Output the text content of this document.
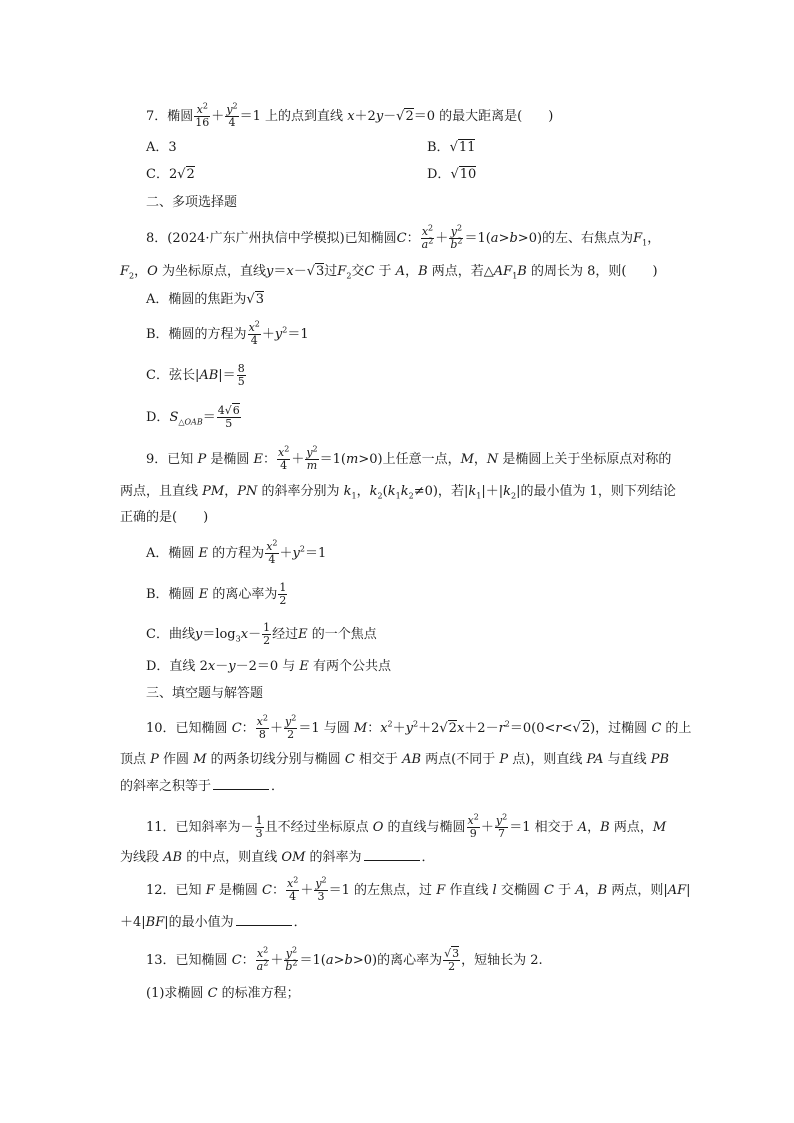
7．椭圆 $\frac{x^2}{16} + \frac{y^2}{4} =1$ 上的点到直线 x＋2y－√2＝0 的最大距离是(　　)
A．3	B．√11
C．2√2	D．√10
二、多项选择题
8．(2024·广东广州执信中学模拟)已知椭圆C： $\frac{x^2}{a^2} + \frac{y^2}{b^2} =1(a>b>0)$的左、右焦点为$F_1$，
$F_2$，O 为坐标原点，直线y＝x－√3过$F_2$交C 于 A，B 两点，若$\triangle AF_1B$ 的周长为 8，则(　　)
A．椭圆的焦距为√3
B．椭圆的方程为 $\frac{x^2}{4} +y^2=1$
C．弦长$|AB|= \frac{8}{5}$
D．$S_{\triangle OAB}= \frac{4√6}{5}$
9．已知 P 是椭圆 E： $\frac{x^2}{4} + \frac{y^2}{m} =1(m>0)$上任意一点，M，N 是椭圆上关于坐标原点对称的
两点，且直线 PM，PN 的斜率分别为 $k_1$，$k_2(k_1k_2\ne 0)$，若$|k_1|+|k_2|$的最小值为 1，则下列结论
正确的是(　　)
A．椭圆 E 的方程为 $\frac{x^2}{4} +y^2=1$
B．椭圆 E 的离心率为 $\frac{1}{2}$
C．曲线$y=\log_3x- \frac{1}{2}$ 经过E 的一个焦点
D．直线 2x－y－2＝0 与 E 有两个公共点
三、填空题与解答题
10．已知椭圆 C： $\frac{x^2}{8} + \frac{y^2}{2} =1$ 与圆 M：$x^2+y^2+2√2x+2-r^2=0(0<r<√2)$，过椭圆 C 的上
顶点 P 作圆 M 的两条切线分别与椭圆 C 相交于 AB 两点(不同于 P 点)，则直线 PA 与直线 PB
的斜率之积等于	．
11．已知斜率为－ $\frac{1}{3}$ 且不经过坐标原点 O 的直线与椭圆 $\frac{x^2}{9} + \frac{y^2}{7} =1$ 相交于 A，B 两点，M
为线段 AB 的中点，则直线 OM 的斜率为	．
12．已知 F 是椭圆 C： $\frac{x^2}{4} + \frac{y^2}{3} =1$ 的左焦点，过 F 作直线 l 交椭圆 C 于 A，B 两点，则|AF|
＋4|BF|的最小值为	．
13．已知椭圆 C： $\frac{x^2}{a^2} + \frac{y^2}{b^2} =1(a>b>0)$的离心率为 $\frac{√3}{2}$ ，短轴长为 2.
(1)求椭圆 C 的标准方程；
